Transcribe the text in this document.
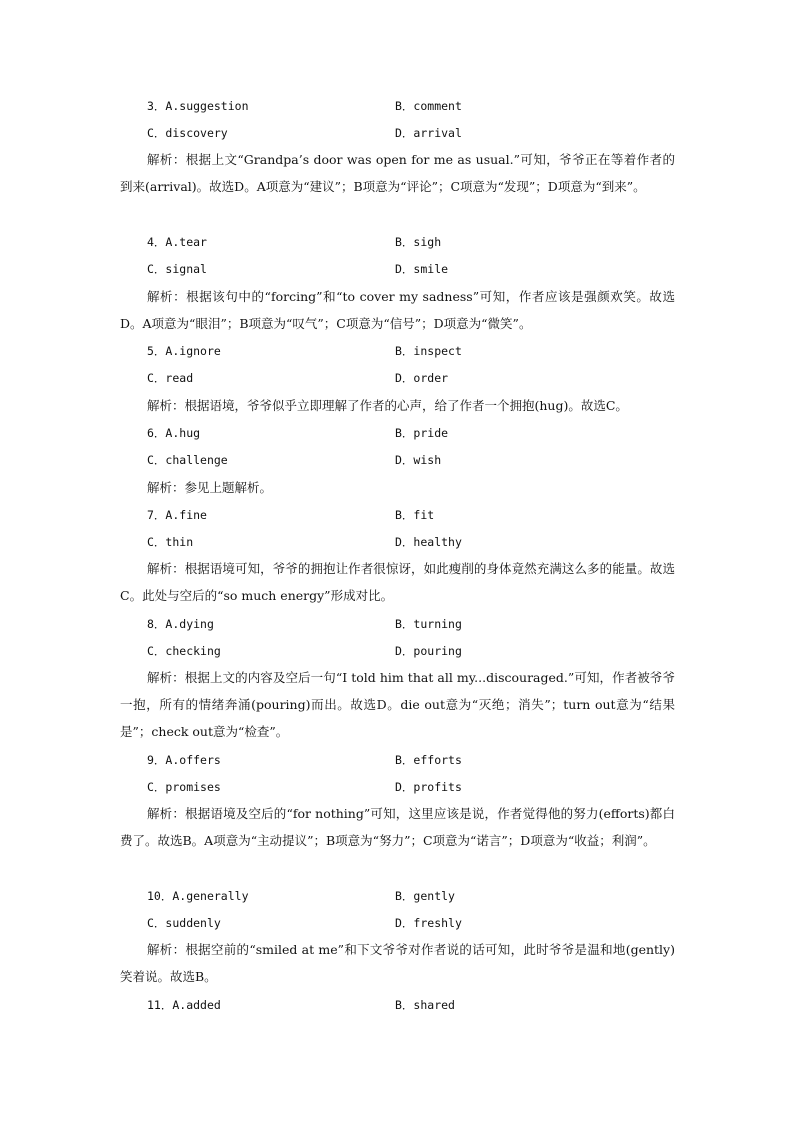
3．A.suggestion	B．comment
C．discovery	D．arrival
解析：根据上文“Grandpa’s door was open for me as usual.”可知，爷爷正在等着作者的到来(arrival)。故选D。A项意为“建议”；B项意为“评论”；C项意为“发现”；D项意为“到来”。
4．A.tear	B．sigh
C．signal	D．smile
解析：根据该句中的“forcing”和“to cover my sadness”可知，作者应该是强颜欢笑。故选D。A项意为“眼泪”；B项意为“叹气”；C项意为“信号”；D项意为“微笑”。
5．A.ignore	B．inspect
C．read	D．order
解析：根据语境，爷爷似乎立即理解了作者的心声，给了作者一个拥抱(hug)。故选C。
6．A.hug	B．pride
C．challenge	D．wish
解析：参见上题解析。
7．A.fine	B．fit
C．thin	D．healthy
解析：根据语境可知，爷爷的拥抱让作者很惊讶，如此瘦削的身体竟然充满这么多的能量。故选C。此处与空后的“so much energy”形成对比。
8．A.dying	B．turning
C．checking	D．pouring
解析：根据上文的内容及空后一句“I told him that all my...discouraged.”可知，作者被爷爷一抱，所有的情绪奔涌(pouring)而出。故选D。die out意为“灭绝；消失”；turn out意为“结果是”；check out意为“检查”。
9．A.offers	B．efforts
C．promises	D．profits
解析：根据语境及空后的“for nothing”可知，这里应该是说，作者觉得他的努力(efforts)都白费了。故选B。A项意为“主动提议”；B项意为“努力”；C项意为“诺言”；D项意为“收益；利润”。
10．A.generally	B．gently
C．suddenly	D．freshly
解析：根据空前的“smiled at me”和下文爷爷对作者说的话可知，此时爷爷是温和地(gently)笑着说。故选B。
11．A.added	B．shared
